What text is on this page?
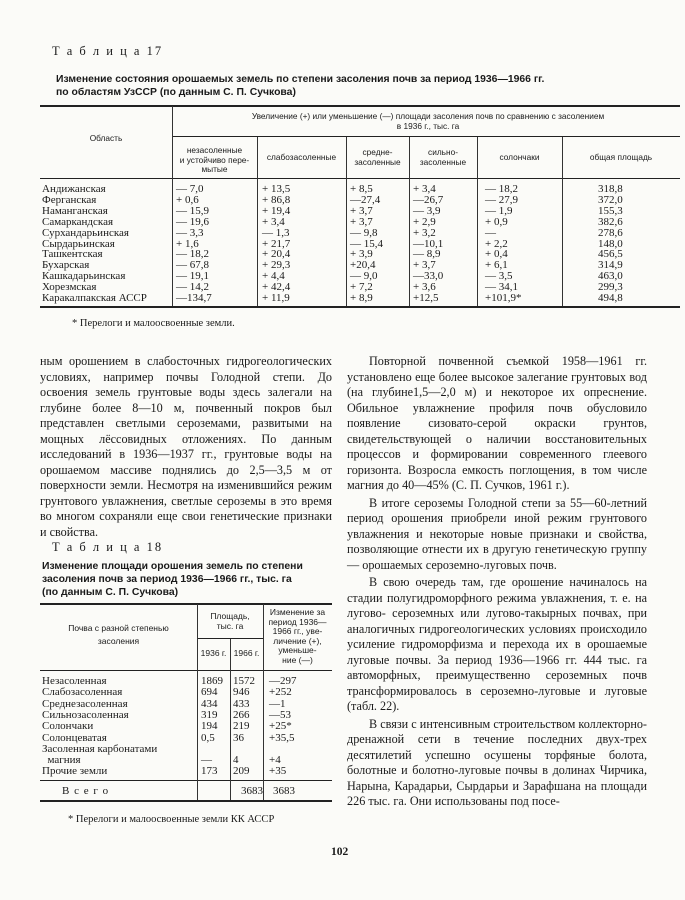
Т а б л и ц а 17
Изменение состояния орошаемых земель по степени засоления почв за период 1936—1966 гг.
по областям УзССР (по данным С. П. Сучкова)
Область
Увеличение (+) или уменьшение (—) площади засоления почв по сравнению с засолением
в 1936 г., тыс. га
незасоленные
и устойчиво пере-
мытые
слабозасоленные	средне-
засоленные
сильно-
засоленные	солончаки	общая площадь
Андижанская	— 7,0	+ 13,5	+ 8,5	+ 3,4	— 18,2	318,8
Ферганская	+ 0,6	+ 86,8	—27,4	—26,7	— 27,9	372,0
Наманганская	— 15,9	+ 19,4	+ 3,7	— 3,9	— 1,9	155,3
Самаркандская	— 19,6	+ 3,4	+ 3,7	+ 2,9	+ 0,9	382,6
Сурхандарьинская	— 3,3	— 1,3	— 9,8	+ 3,2	—	278,6
Сырдарьинская	+ 1,6	+ 21,7	— 15,4	—10,1	+ 2,2	148,0
Ташкентская	— 18,2	+ 20,4	+ 3,9	— 8,9	+ 0,4	456,5
Бухарская	— 67,8	+ 29,3	+20,4	+ 3,7	+ 6,1	314,9
Кашкадарьинская	— 19,1	+ 4,4	— 9,0	—33,0	— 3,5	463,0
Хорезмская	— 14,2	+ 42,4	+ 7,2	+ 3,6	— 34,1	299,3
Каракалпакская АССР	—134,7	+ 11,9	+ 8,9	+12,5	+101,9*	494,8
* Перелоги и малоосвоенные земли.

ным орошением в слабосточных гидрогеологических условиях, например почвы Голодной степи. До освоения земель грунтовые воды здесь залегали на глубине более 8—10 м, почвенный покров был представлен светлыми сероземами, развитыми на мощных лёссовидных отложениях. По данным исследований в 1936—1937 гг., грунтовые воды на орошаемом массиве поднялись до 2,5—3,5 м от поверхности земли. Несмотря на изменившийся режим грунтового увлажнения, светлые сероземы в это время во многом сохраняли еще свои генетические признаки и свойства.

Т а б л и ц а 18
Изменение площади орошения земель по степени
засоления почв за период 1936—1966 гг., тыс. га
(по данным С. П. Сучкова)
Почва с разной степенью
засоления
Площадь,
тыс. га
1936 г. 1966 г.
Изменение за
период 1936—
1966 гг., уве-
личение (+),
уменьше-
ние (—)
Незасоленная	1869 1572 —297
Слабозасоленная	694 946 +252
Среднезасоленная	434 433 —1
Сильнозасоленная	319 266 —53
Солончаки	194 219 +25*
Солонцеватая	0,5 36 +35,5
Засоленная карбонатами
магния	— 4	+4
Прочие земли	173 209 +35
В с е г о	3683 3683
* Перелоги и малоосвоенные земли КК АССР

Повторной почвенной съемкой 1958—1961 гг. установлено еще более высокое залегание грунтовых вод (на глубине1,5—2,0 м) и некоторое их опреснение. Обильное увлажнение профиля почв обусловило появление сизовато-серой окраски грунтов, свидетельствующей о наличии восстановительных процессов и формировании современного глеевого горизонта. Возросла емкость поглощения, в том числе магния до 40—45% (С. П. Сучков, 1961 г.).

В итоге сероземы Голодной степи за 55—60-летний период орошения приобрели иной режим грунтового увлажнения и некоторые новые признаки и свойства, позволяющие отнести их в другую генетическую группу — орошаемых сероземно-луговых почв.

В свою очередь там, где орошение начиналось на стадии полугидроморфного режима увлажнения, т. е. на лугово- сероземных или лугово-такырных почвах, при аналогичных гидрогеологических условиях происходило усиление гидроморфизма и перехода их в орошаемые луговые почвы. За период 1936—1966 гг. 444 тыс. га автоморфных, преимущественно сероземных почв трансформировалось в сероземно-луговые и луговые (табл. 22).

В связи с интенсивным строительством коллекторно-дренажной сети в течение последних двух-трех десятилетий успешно осушены торфяные болота, болотные и болотно-луговые почвы в долинах Чирчика, Нарына, Карадарьи, Сырдарьи и Зарафшана на площади 226 тыс. га. Они использованы под посе-

102
